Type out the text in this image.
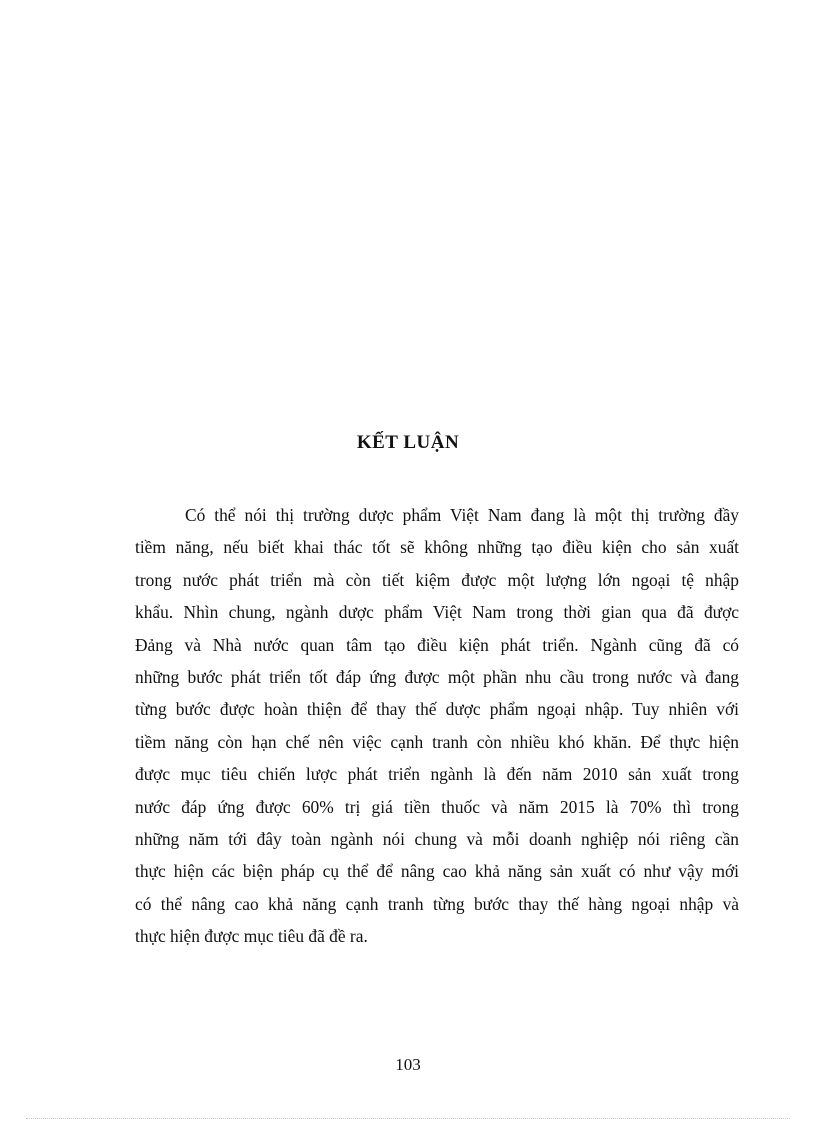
KẾT LUẬN
Có thể nói thị trường dược phẩm Việt Nam đang là một thị trường đầy
tiềm năng, nếu biết khai thác tốt sẽ không những tạo điều kiện cho sản xuất
trong nước phát triển mà còn tiết kiệm được một lượng lớn ngoại tệ nhập
khẩu. Nhìn chung, ngành dược phẩm Việt Nam trong thời gian qua đã được
Đảng và Nhà nước quan tâm tạo điều kiện phát triển. Ngành cũng đã có
những bước phát triển tốt đáp ứng được một phần nhu cầu trong nước và đang
từng bước được hoàn thiện để thay thế dược phẩm ngoại nhập. Tuy nhiên với
tiềm năng còn hạn chế nên việc cạnh tranh còn nhiều khó khăn. Để thực hiện
được mục tiêu chiến lược phát triển ngành là đến năm 2010 sản xuất trong
nước đáp ứng được 60% trị giá tiền thuốc và năm 2015 là 70% thì trong
những năm tới đây toàn ngành nói chung và mỗi doanh nghiệp nói riêng cần
thực hiện các biện pháp cụ thể để nâng cao khả năng sản xuất có như vậy mới
có thể nâng cao khả năng cạnh tranh từng bước thay thế hàng ngoại nhập và
thực hiện được mục tiêu đã đề ra.
103
